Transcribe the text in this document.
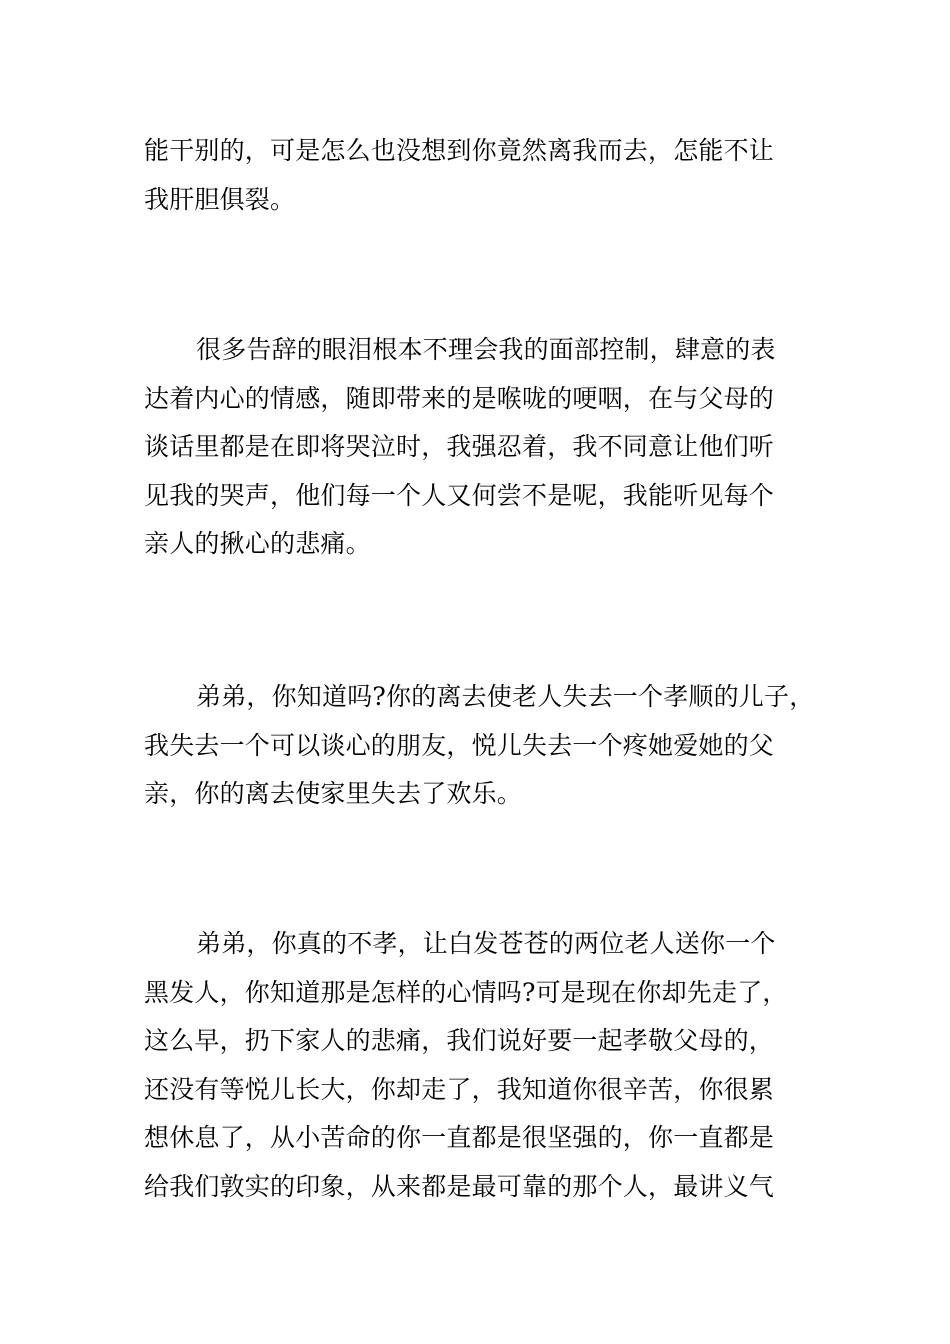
能干别的，可是怎么也没想到你竟然离我而去，怎能不让
我肝胆俱裂。
很多告辞的眼泪根本不理会我的面部控制，肆意的表
达着内心的情感，随即带来的是喉咙的哽咽，在与父母的
谈话里都是在即将哭泣时，我强忍着，我不同意让他们听
见我的哭声，他们每一个人又何尝不是呢，我能听见每个
亲人的揪心的悲痛。
弟弟，你知道吗?你的离去使老人失去一个孝顺的儿子，
我失去一个可以谈心的朋友，悦儿失去一个疼她爱她的父
亲，你的离去使家里失去了欢乐。
弟弟，你真的不孝，让白发苍苍的两位老人送你一个
黑发人，你知道那是怎样的心情吗?可是现在你却先走了，
这么早，扔下家人的悲痛，我们说好要一起孝敬父母的，
还没有等悦儿长大，你却走了，我知道你很辛苦，你很累
想休息了，从小苦命的你一直都是很坚强的，你一直都是
给我们敦实的印象，从来都是最可靠的那个人，最讲义气
